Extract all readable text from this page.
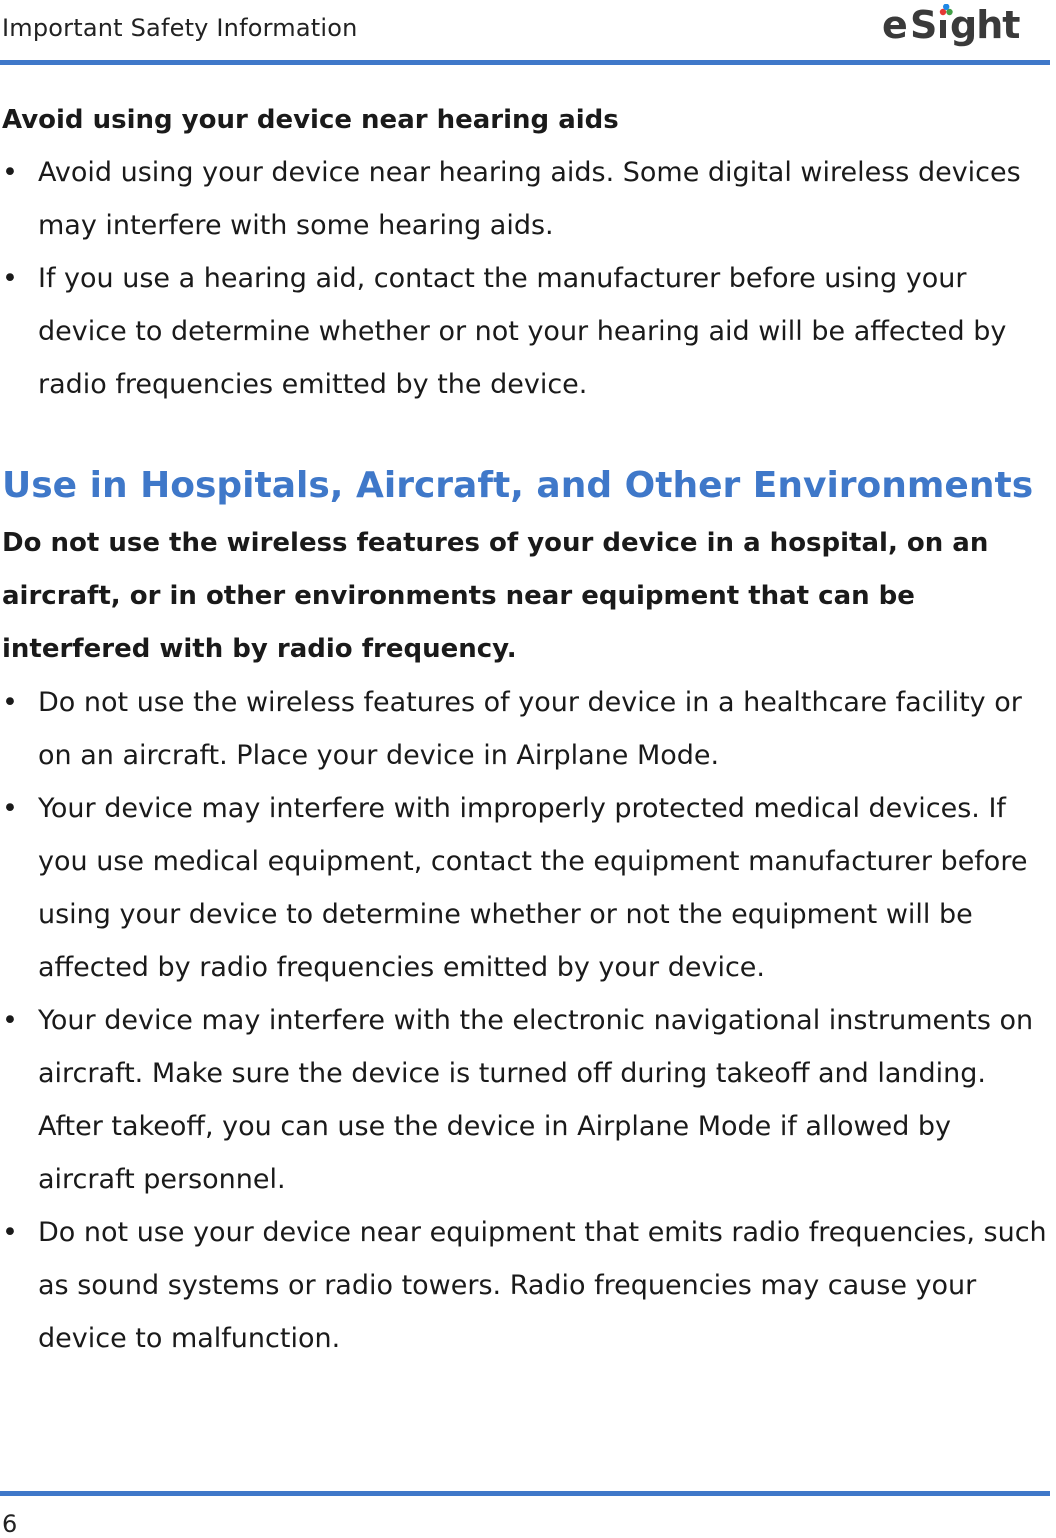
Important Safety Information	e S ght
Avoid using your device near hearing aids
• Avoid using your device near hearing aids. Some digital wireless devices may interfere with some hearing aids.
• If you use a hearing aid, contact the manufacturer before using your device to determine whether or not your hearing aid will be affected by radio frequencies emitted by the device.
Use in Hospitals, Aircraft, and Other Environments
Do not use the wireless features of your device in a hospital, on an aircraft, or in other environments near equipment that can be interfered with by radio frequency.
• Do not use the wireless features of your device in a healthcare facility or on an aircraft. Place your device in Airplane Mode.
• Your device may interfere with improperly protected medical devices. If you use medical equipment, contact the equipment manufacturer before using your device to determine whether or not the equipment will be affected by radio frequencies emitted by your device.
• Your device may interfere with the electronic navigational instruments on aircraft. Make sure the device is turned off during takeoff and landing. After takeoff, you can use the device in Airplane Mode if allowed by aircraft personnel.
• Do not use your device near equipment that emits radio frequencies, such as sound systems or radio towers. Radio frequencies may cause your device to malfunction.
6
